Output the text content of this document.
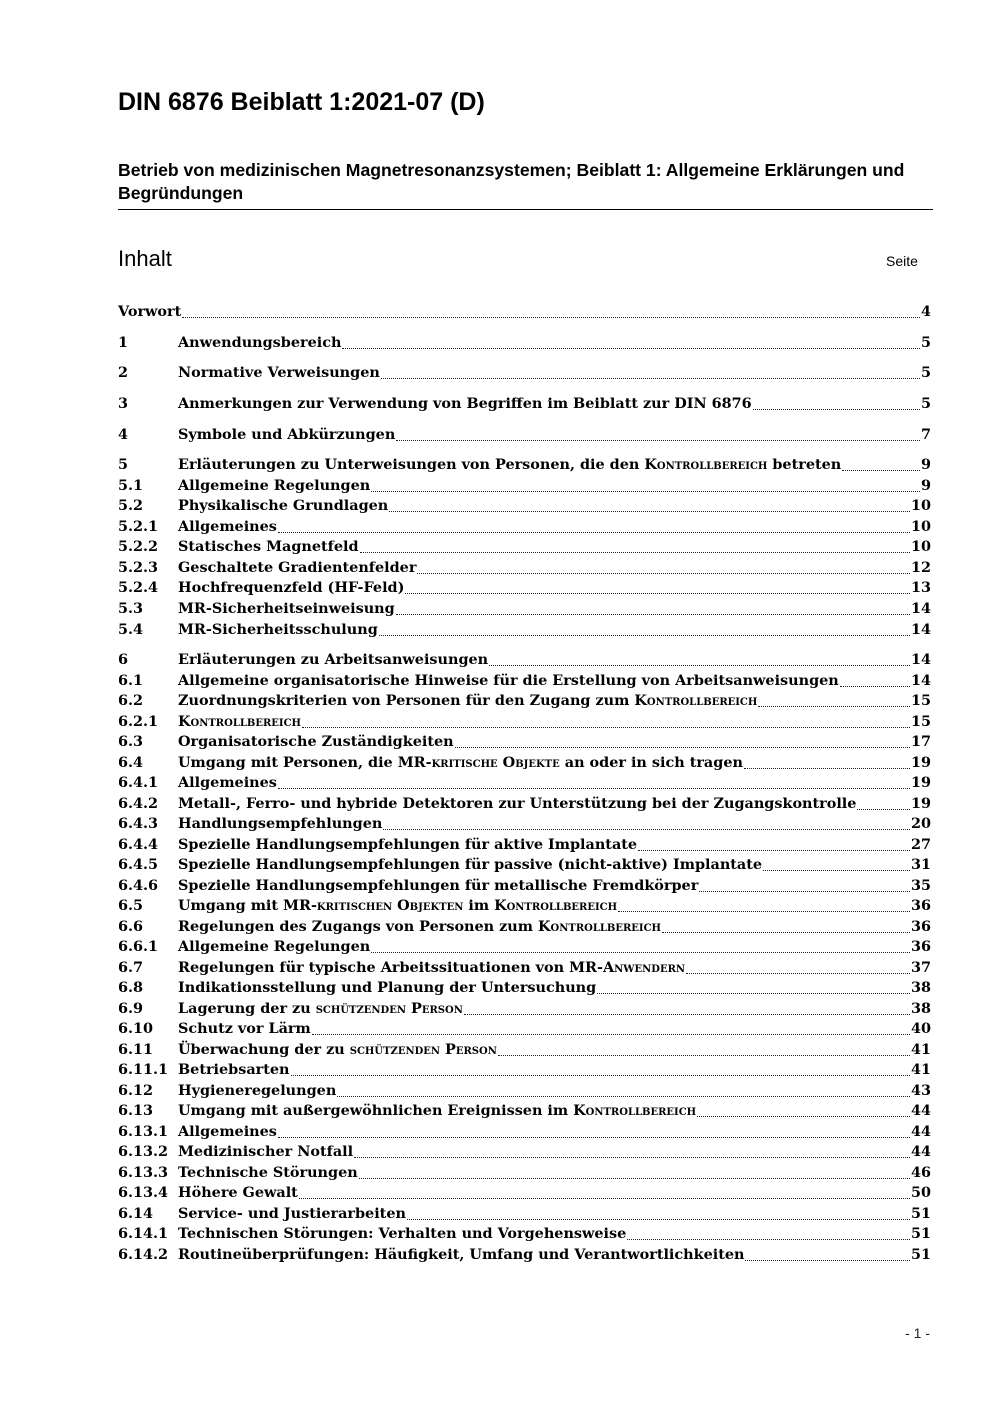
DIN 6876 Beiblatt 1:2021-07 (D)
Betrieb von medizinischen Magnetresonanzsystemen; Beiblatt 1: Allgemeine Erklärungen und Begründungen
Inhalt	Seite
Vorwort	4
1	Anwendungsbereich	5
2	Normative Verweisungen	5
3	Anmerkungen zur Verwendung von Begriffen im Beiblatt zur DIN 6876	5
4	Symbole und Abkürzungen	7
5	Erläuterungen zu Unterweisungen von Personen, die den Kontrollbereich betreten	9
5.1	Allgemeine Regelungen	9
5.2	Physikalische Grundlagen	10
5.2.1	Allgemeines	10
5.2.2	Statisches Magnetfeld	10
5.2.3	Geschaltete Gradientenfelder	12
5.2.4	Hochfrequenzfeld (HF-Feld)	13
5.3	MR-Sicherheitseinweisung	14
5.4	MR-Sicherheitsschulung	14
6	Erläuterungen zu Arbeitsanweisungen	14
6.1	Allgemeine organisatorische Hinweise für die Erstellung von Arbeitsanweisungen	14
6.2	Zuordnungskriterien von Personen für den Zugang zum Kontrollbereich	15
6.2.1	Kontrollbereich	15
6.3	Organisatorische Zuständigkeiten	17
6.4	Umgang mit Personen, die MR-kritische Objekte an oder in sich tragen	19
6.4.1	Allgemeines	19
6.4.2	Metall-, Ferro- und hybride Detektoren zur Unterstützung bei der Zugangskontrolle	19
6.4.3	Handlungsempfehlungen	20
6.4.4	Spezielle Handlungsempfehlungen für aktive Implantate	27
6.4.5	Spezielle Handlungsempfehlungen für passive (nicht-aktive) Implantate	31
6.4.6	Spezielle Handlungsempfehlungen für metallische Fremdkörper	35
6.5	Umgang mit MR-kritischen Objekten im Kontrollbereich	36
6.6	Regelungen des Zugangs von Personen zum Kontrollbereich	36
6.6.1	Allgemeine Regelungen	36
6.7	Regelungen für typische Arbeitssituationen von MR-Anwendern	37
6.8	Indikationsstellung und Planung der Untersuchung	38
6.9	Lagerung der zu schützenden Person	38
6.10	Schutz vor Lärm	40
6.11	Überwachung der zu schützenden Person	41
6.11.1 Betriebsarten	41
6.12	Hygieneregelungen	43
6.13	Umgang mit außergewöhnlichen Ereignissen im Kontrollbereich	44
6.13.1 Allgemeines	44
6.13.2 Medizinischer Notfall	44
6.13.3 Technische Störungen	46
6.13.4 Höhere Gewalt	50
6.14	Service- und Justierarbeiten	51
6.14.1 Technischen Störungen: Verhalten und Vorgehensweise	51
6.14.2 Routineüberprüfungen: Häufigkeit, Umfang und Verantwortlichkeiten	51
- 1 -
